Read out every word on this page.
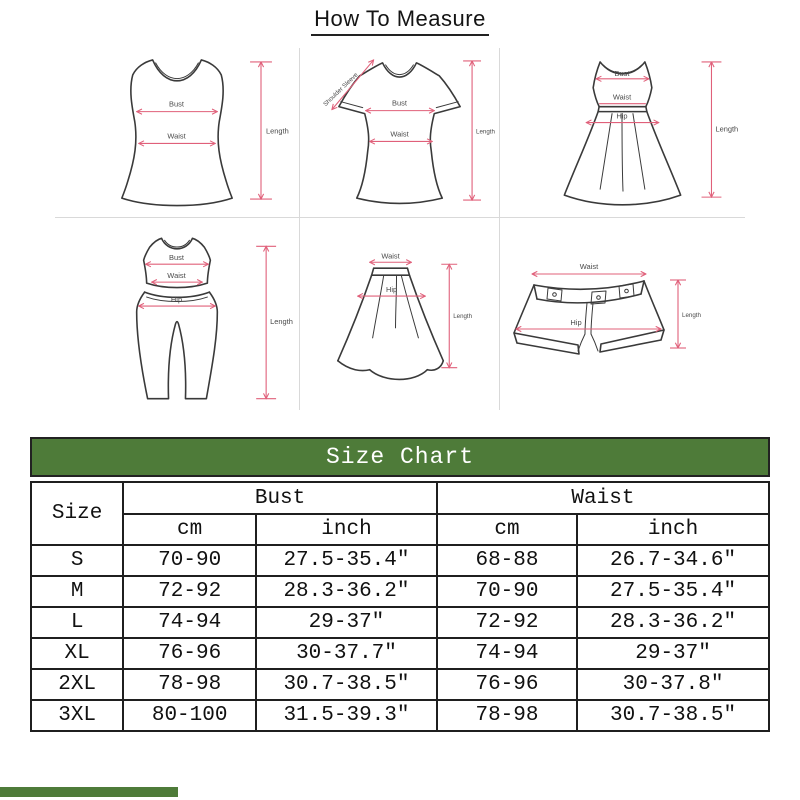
How To Measure
Bust
Waist
Length
Shoulder Sleeve	Bust
Waist	Length
Bust
Waist
Hip
Length
Bust
Waist
Hip
Length
Waist
Hip
Length
Waist
Hip
Length
Size Chart
Size	Bust		Waist	
	cm	inch	cm	inch
S	70-90	27.5-35.4″	68-88	26.7-34.6″
M	72-92	28.3-36.2″	70-90	27.5-35.4″
L	74-94	29-37″	72-92	28.3-36.2″
XL	76-96	30-37.7″	74-94	29-37″
2XL	78-98	30.7-38.5″	76-96	30-37.8″
3XL	80-100	31.5-39.3″	78-98	30.7-38.5″
